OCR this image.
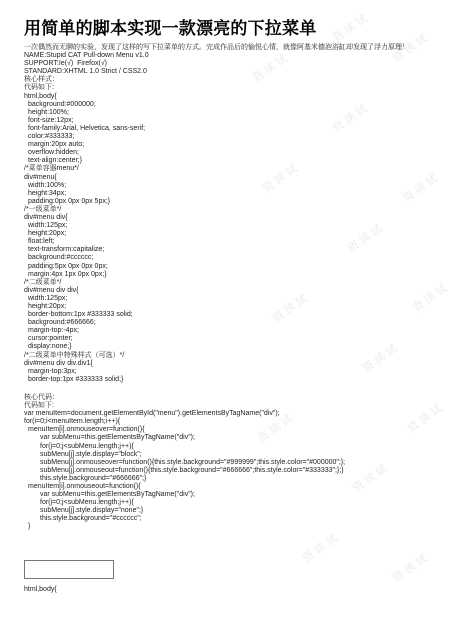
用简单的脚本实现一款漂亮的下拉菜单
一次偶然而无聊的实验，发现了这样的写下拉菜单的方式。完成作品后的愉悦心情，就像阿基米德泡浴缸却发现了浮力原理！
NAME:Stupid CAT Pull-down Menu v1.0
SUPPORT:Ie(√)  Firefox(√)
STANDARD:XHTML 1.0 Strict / CSS2.0
核心样式：
代码如下:
html,body{
background:#000000;
height:100%;
font-size:12px;
font-family:Arial, Helvetica, sans-serif;
color:#333333;
margin:20px auto;
overflow:hidden;
text-align:center;}
/*菜单容器menu*/
div#menu{
width:100%;
height:34px;
padding:0px 0px 0px 5px;}
/*一级菜单*/
div#menu div{
width:125px;
height:20px;
float:left;
text-transform:capitalize;
background:#cccccc;
padding:5px 0px 0px 0px;
margin:4px 1px 0px 0px;}
/*二级菜单*/
div#menu div div{
width:125px;
height:20px;
border-bottom:1px #333333 solid;
background:#666666;
margin-top:-4px;
cursor:pointer;
display:none;}
/*二级菜单中特殊样式（可选）*/
div#menu div div.div1{
margin-top:3px;
border-top:1px #333333 solid;}
核心代码：
代码如下:
var menuItem=document.getElementById("menu").getElementsByTagName("div");
for(i=0;i<menuItem.length;i++){
menuItem[i].onmouseover=function(){
var subMenu=this.getElementsByTagName("div");
for(j=0;j<subMenu.length;j++){
subMenu[j].style.display="block";
subMenu[j].onmouseover=function(){this.style.background="#999999";this.style.color="#000000";};
subMenu[j].onmouseout=function(){this.style.background="#666666";this.style.color="#333333";};}
this.style.background="#666666";}
menuItem[i].onmouseout=function(){
var subMenu=this.getElementsByTagName("div");
for(j=0;j<subMenu.length;j++){
subMenu[j].style.display="none";}
this.style.background="#cccccc";
}
html,body{
资 读 试
资 读 试
资 读 试
资 读 试
资 读 试
资 读 试
资 读 试
资 读 试
资 读 试
资 读 试
资 读 试
资 读 试
资 读 试
资 读 试
资 读 试
